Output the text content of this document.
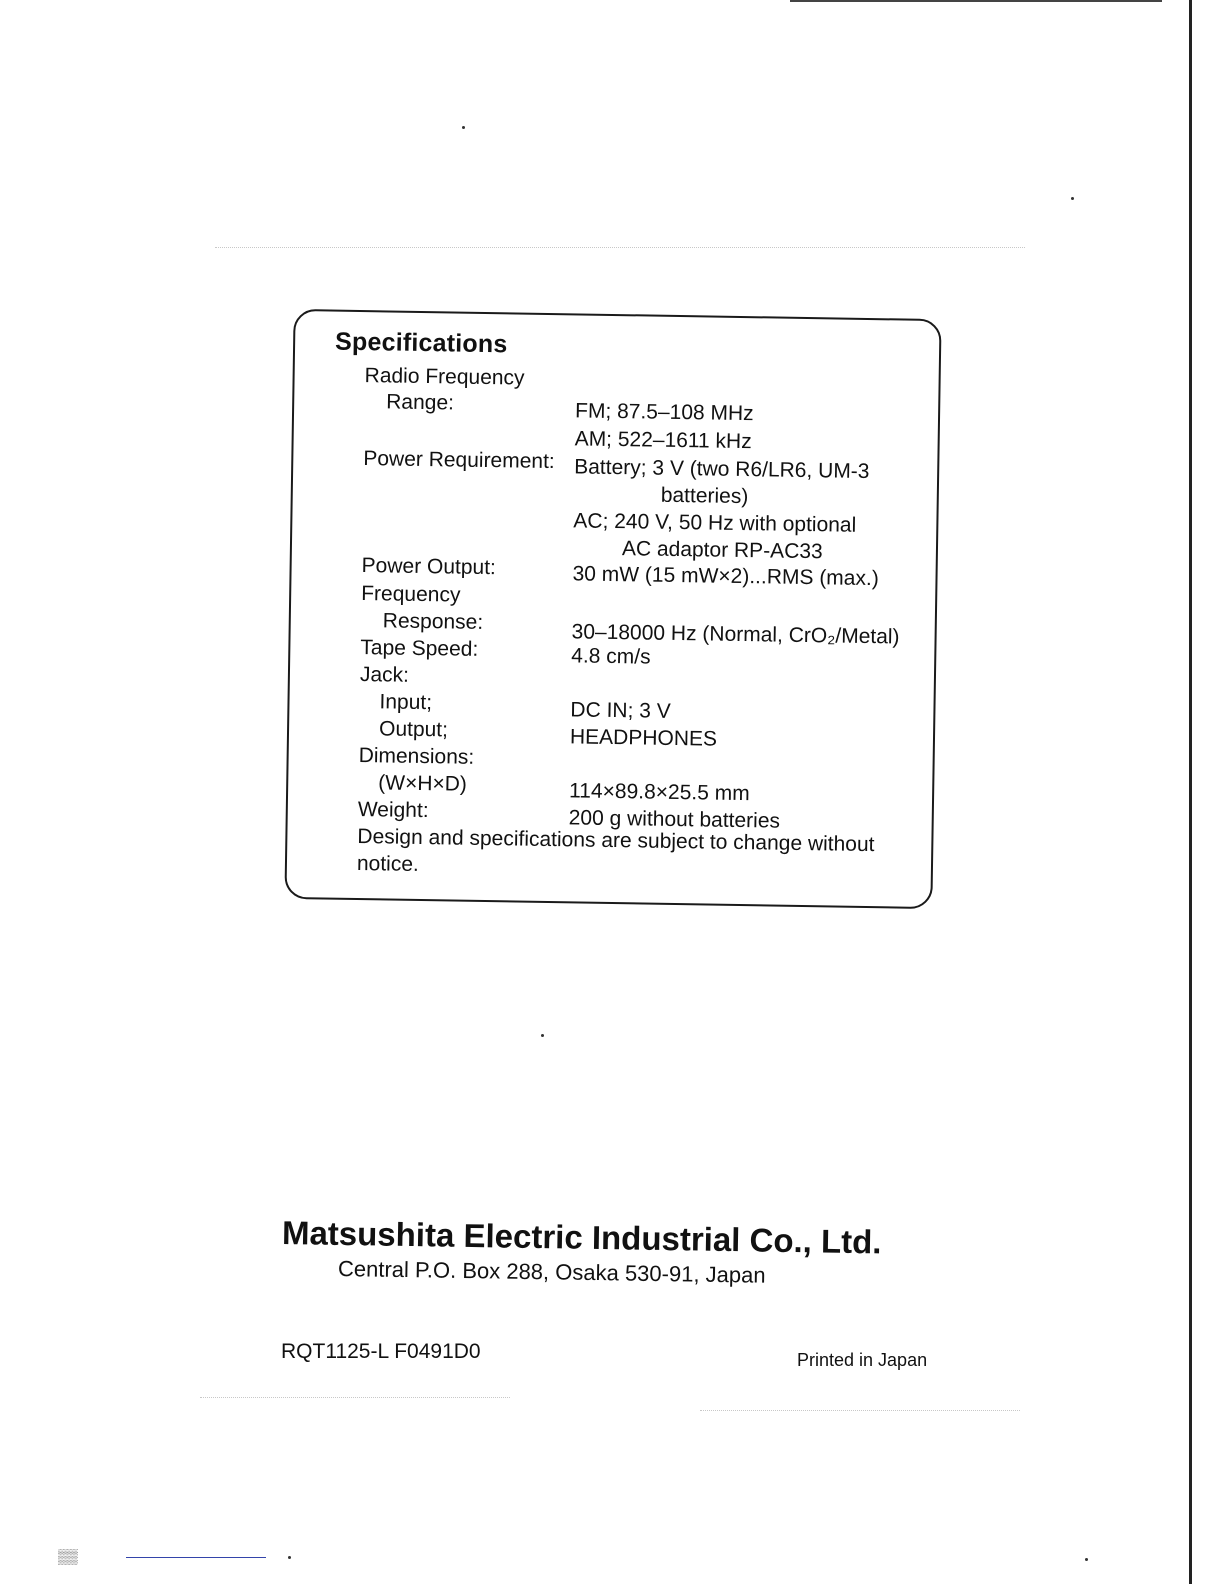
▒▒
Specifications
Radio Frequency
Range:	FM; 87.5–108 MHz
AM; 522–1611 kHz
Power Requirement: Battery; 3 V (two R6/LR6, UM-3
batteries)
AC; 240 V, 50 Hz with optional
AC adaptor RP-AC33
Power Output:	30 mW (15 mW×2)...RMS (max.)
Frequency
Response:	30–18000 Hz (Normal, CrO₂/Metal)
Tape Speed:	4.8 cm/s
Jack:
Input;	DC IN; 3 V
Output;	HEADPHONES
Dimensions:
(W×H×D)	114×89.8×25.5 mm
Weight:	200 g without batteries
Design and specifications are subject to change without
notice.
Matsushita Electric Industrial Co., Ltd.
Central P.O. Box 288, Osaka 530-91, Japan
RQT1125-L F0491D0	Printed in Japan
